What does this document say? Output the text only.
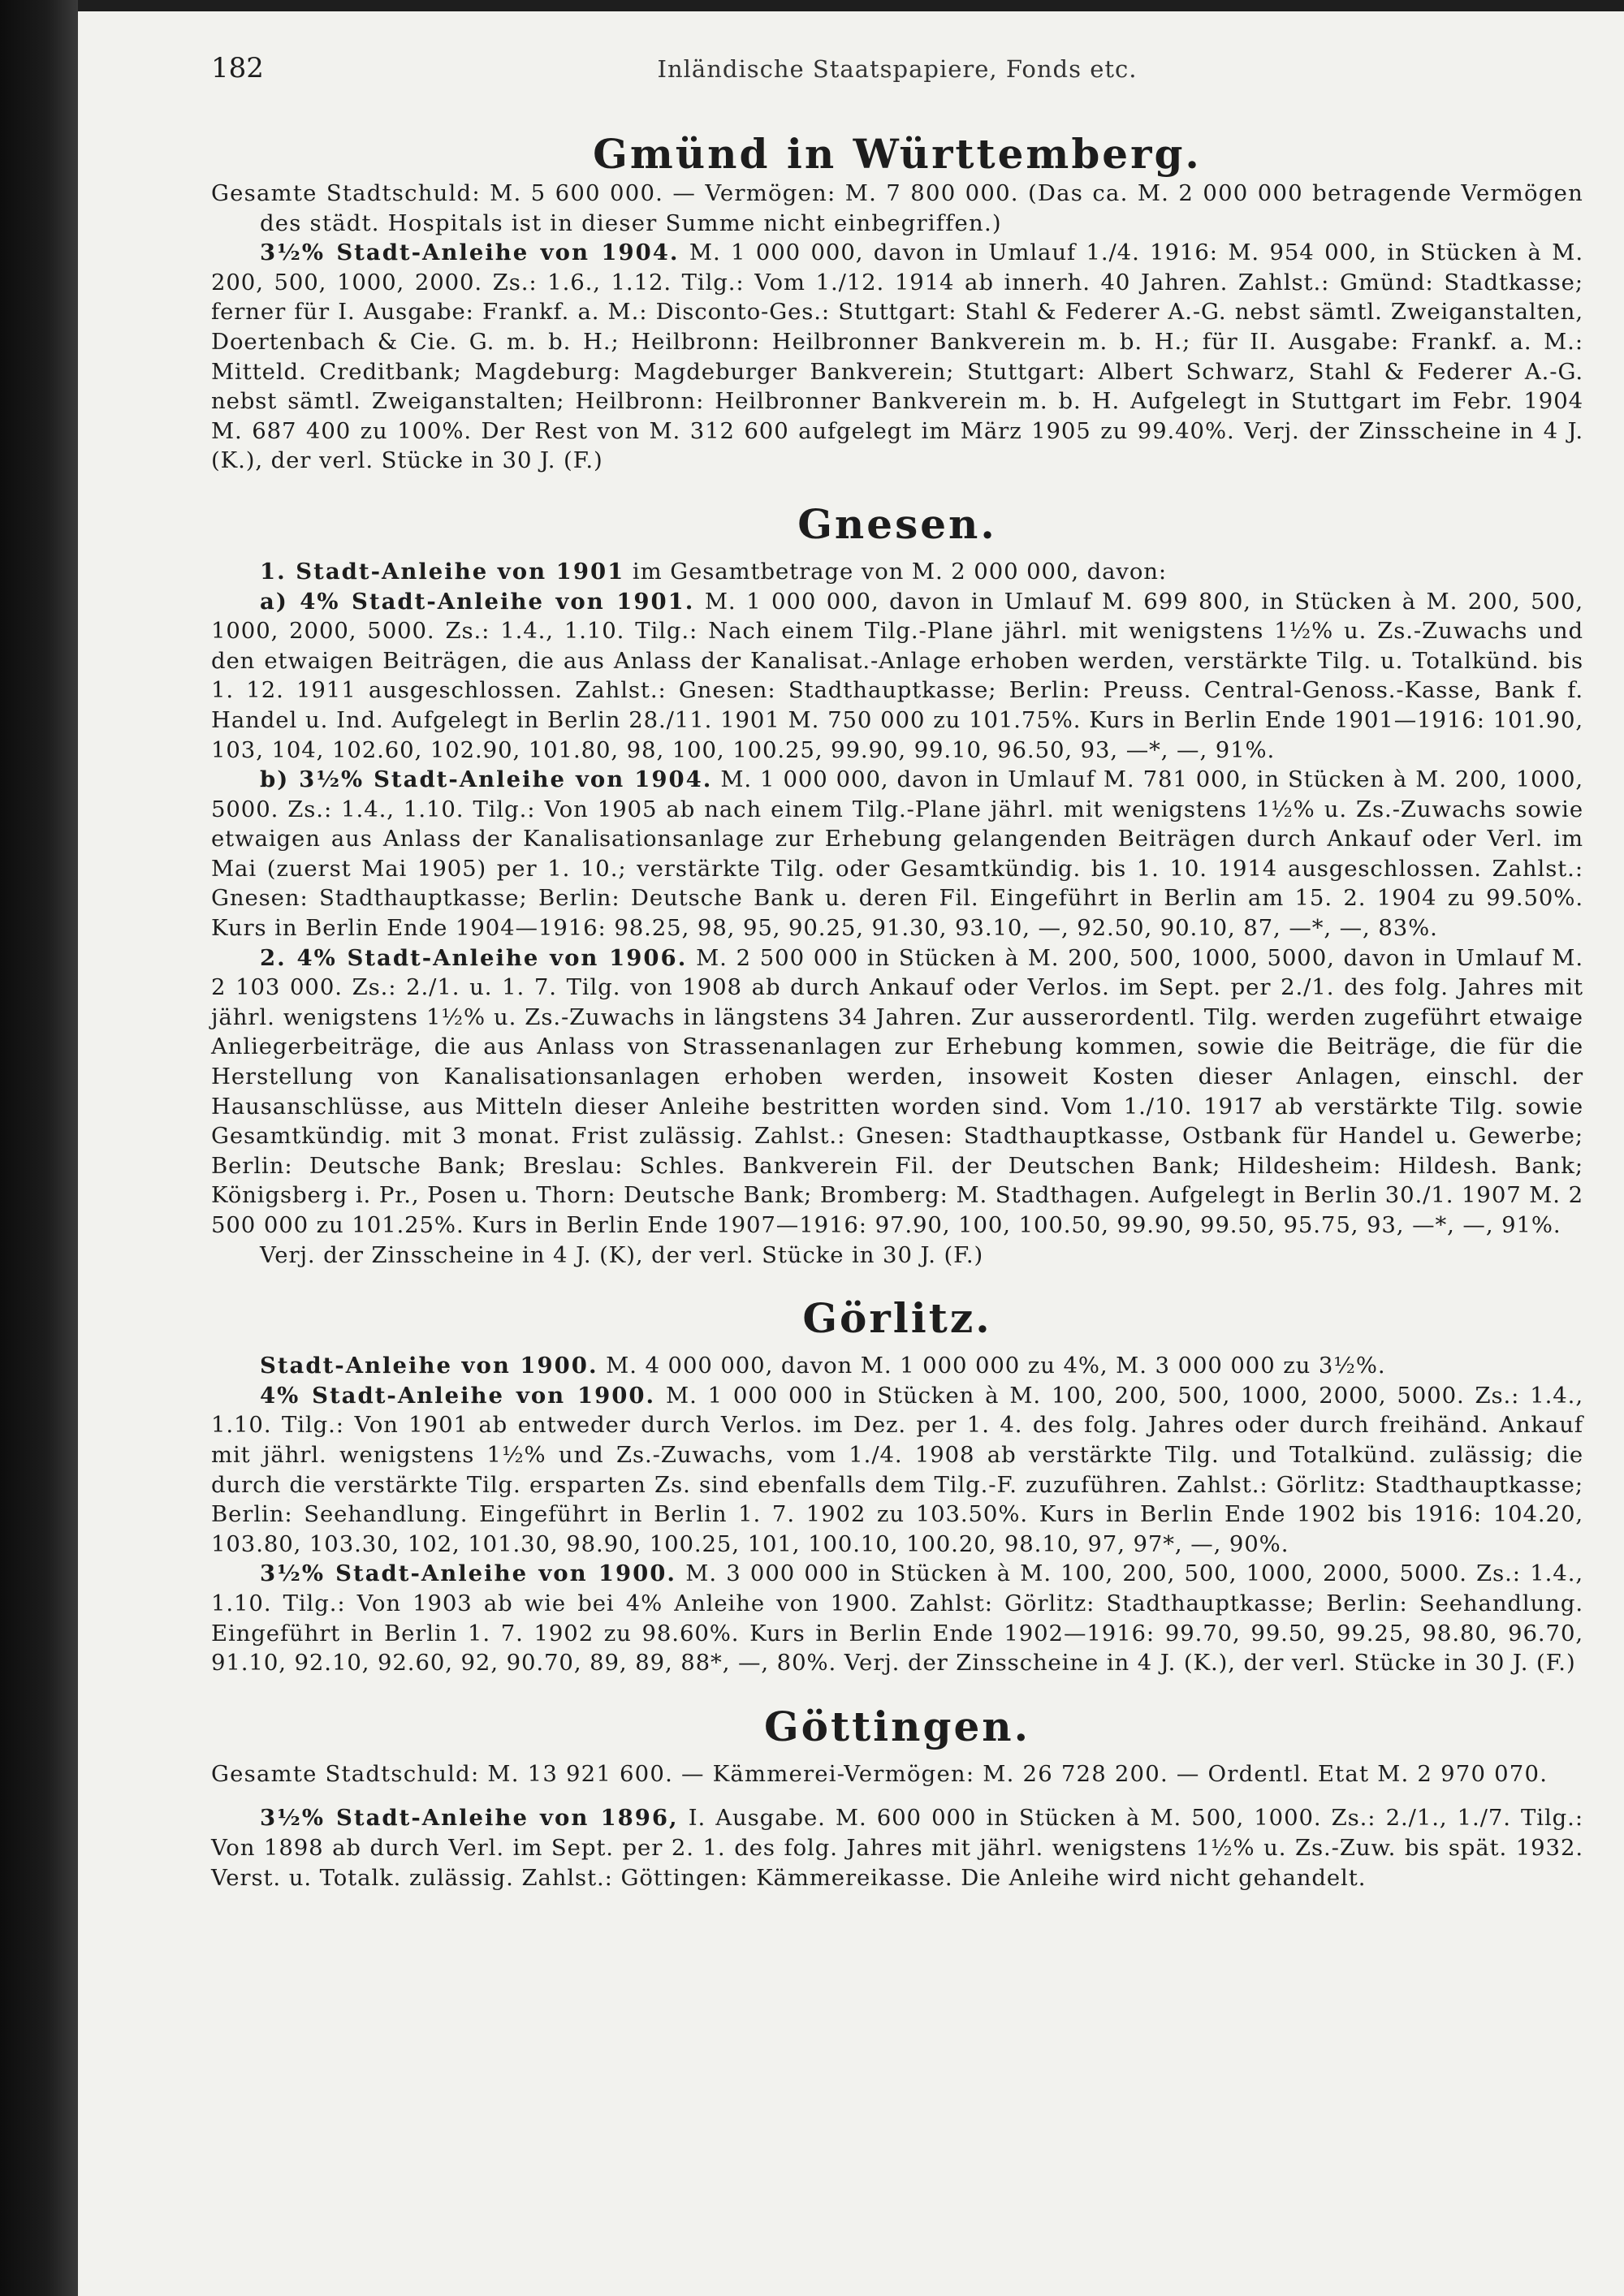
182	Inländische Staatspapiere, Fonds etc.
Gmünd in Württemberg.

Gesamte Stadtschuld: M. 5 600 000. — Vermögen: M. 7 800 000. (Das ca. M. 2 000 000 betragende Vermögen des städt. Hospitals ist in dieser Summe nicht einbegriffen.)

3½% Stadt-Anleihe von 1904. M. 1 000 000, davon in Umlauf 1./4. 1916: M. 954 000, in Stücken à M. 200, 500, 1000, 2000. Zs.: 1.6., 1.12. Tilg.: Vom 1./12. 1914 ab innerh. 40 Jahren. Zahlst.: Gmünd: Stadtkasse; ferner für I. Ausgabe: Frankf. a. M.: Disconto-Ges.: Stuttgart: Stahl & Federer A.-G. nebst sämtl. Zweiganstalten, Doertenbach & Cie. G. m. b. H.; Heilbronn: Heilbronner Bankverein m. b. H.; für II. Ausgabe: Frankf. a. M.: Mitteld. Creditbank; Magdeburg: Magdeburger Bankverein; Stuttgart: Albert Schwarz, Stahl & Federer A.-G. nebst sämtl. Zweiganstalten; Heilbronn: Heilbronner Bankverein m. b. H. Aufgelegt in Stuttgart im Febr. 1904 M. 687 400 zu 100%. Der Rest von M. 312 600 aufgelegt im März 1905 zu 99.40%. Verj. der Zinsscheine in 4 J. (K.), der verl. Stücke in 30 J. (F.)

Gnesen.

1. Stadt-Anleihe von 1901 im Gesamtbetrage von M. 2 000 000, davon:

a) 4% Stadt-Anleihe von 1901. M. 1 000 000, davon in Umlauf M. 699 800, in Stücken à M. 200, 500, 1000, 2000, 5000. Zs.: 1.4., 1.10. Tilg.: Nach einem Tilg.-Plane jährl. mit wenigstens 1½% u. Zs.-Zuwachs und den etwaigen Beiträgen, die aus Anlass der Kanalisat.-Anlage erhoben werden, verstärkte Tilg. u. Totalkünd. bis 1. 12. 1911 ausgeschlossen. Zahlst.: Gnesen: Stadthauptkasse; Berlin: Preuss. Central-Genoss.-Kasse, Bank f. Handel u. Ind. Aufgelegt in Berlin 28./11. 1901 M. 750 000 zu 101.75%. Kurs in Berlin Ende 1901—1916: 101.90, 103, 104, 102.60, 102.90, 101.80, 98, 100, 100.25, 99.90, 99.10, 96.50, 93, —*, —, 91%.

b) 3½% Stadt-Anleihe von 1904. M. 1 000 000, davon in Umlauf M. 781 000, in Stücken à M. 200, 1000, 5000. Zs.: 1.4., 1.10. Tilg.: Von 1905 ab nach einem Tilg.-Plane jährl. mit wenigstens 1½% u. Zs.-Zuwachs sowie etwaigen aus Anlass der Kanalisationsanlage zur Erhebung gelangenden Beiträgen durch Ankauf oder Verl. im Mai (zuerst Mai 1905) per 1. 10.; verstärkte Tilg. oder Gesamtkündig. bis 1. 10. 1914 ausgeschlossen. Zahlst.: Gnesen: Stadthauptkasse; Berlin: Deutsche Bank u. deren Fil. Eingeführt in Berlin am 15. 2. 1904 zu 99.50%. Kurs in Berlin Ende 1904—1916: 98.25, 98, 95, 90.25, 91.30, 93.10, —, 92.50, 90.10, 87, —*, —, 83%.

2. 4% Stadt-Anleihe von 1906. M. 2 500 000 in Stücken à M. 200, 500, 1000, 5000, davon in Umlauf M. 2 103 000. Zs.: 2./1. u. 1. 7. Tilg. von 1908 ab durch Ankauf oder Verlos. im Sept. per 2./1. des folg. Jahres mit jährl. wenigstens 1½% u. Zs.-Zuwachs in längstens 34 Jahren. Zur ausserordentl. Tilg. werden zugeführt etwaige Anliegerbeiträge, die aus Anlass von Strassenanlagen zur Erhebung kommen, sowie die Beiträge, die für die Herstellung von Kanalisationsanlagen erhoben werden, insoweit Kosten dieser Anlagen, einschl. der Hausanschlüsse, aus Mitteln dieser Anleihe bestritten worden sind. Vom 1./10. 1917 ab verstärkte Tilg. sowie Gesamtkündig. mit 3 monat. Frist zulässig. Zahlst.: Gnesen: Stadthauptkasse, Ostbank für Handel u. Gewerbe; Berlin: Deutsche Bank; Breslau: Schles. Bankverein Fil. der Deutschen Bank; Hildesheim: Hildesh. Bank; Königsberg i. Pr., Posen u. Thorn: Deutsche Bank; Bromberg: M. Stadthagen. Aufgelegt in Berlin 30./1. 1907 M. 2 500 000 zu 101.25%. Kurs in Berlin Ende 1907—1916: 97.90, 100, 100.50, 99.90, 99.50, 95.75, 93, —*, —, 91%.

Verj. der Zinsscheine in 4 J. (K), der verl. Stücke in 30 J. (F.)

Görlitz.

Stadt-Anleihe von 1900. M. 4 000 000, davon M. 1 000 000 zu 4%, M. 3 000 000 zu 3½%.

4% Stadt-Anleihe von 1900. M. 1 000 000 in Stücken à M. 100, 200, 500, 1000, 2000, 5000. Zs.: 1.4., 1.10. Tilg.: Von 1901 ab entweder durch Verlos. im Dez. per 1. 4. des folg. Jahres oder durch freihänd. Ankauf mit jährl. wenigstens 1½% und Zs.-Zuwachs, vom 1./4. 1908 ab verstärkte Tilg. und Totalkünd. zulässig; die durch die verstärkte Tilg. ersparten Zs. sind ebenfalls dem Tilg.-F. zuzuführen. Zahlst.: Görlitz: Stadthauptkasse; Berlin: Seehandlung. Eingeführt in Berlin 1. 7. 1902 zu 103.50%. Kurs in Berlin Ende 1902 bis 1916: 104.20, 103.80, 103.30, 102, 101.30, 98.90, 100.25, 101, 100.10, 100.20, 98.10, 97, 97*, —, 90%.

3½% Stadt-Anleihe von 1900. M. 3 000 000 in Stücken à M. 100, 200, 500, 1000, 2000, 5000. Zs.: 1.4., 1.10. Tilg.: Von 1903 ab wie bei 4% Anleihe von 1900. Zahlst: Görlitz: Stadthauptkasse; Berlin: Seehandlung. Eingeführt in Berlin 1. 7. 1902 zu 98.60%. Kurs in Berlin Ende 1902—1916: 99.70, 99.50, 99.25, 98.80, 96.70, 91.10, 92.10, 92.60, 92, 90.70, 89, 89, 88*, —, 80%. Verj. der Zinsscheine in 4 J. (K.), der verl. Stücke in 30 J. (F.)

Göttingen.

Gesamte Stadtschuld: M. 13 921 600. — Kämmerei-Vermögen: M. 26 728 200. — Ordentl. Etat M. 2 970 070.

3½% Stadt-Anleihe von 1896, I. Ausgabe. M. 600 000 in Stücken à M. 500, 1000. Zs.: 2./1., 1./7. Tilg.: Von 1898 ab durch Verl. im Sept. per 2. 1. des folg. Jahres mit jährl. wenigstens 1½% u. Zs.-Zuw. bis spät. 1932. Verst. u. Totalk. zulässig. Zahlst.: Göttingen: Kämmereikasse. Die Anleihe wird nicht gehandelt.
